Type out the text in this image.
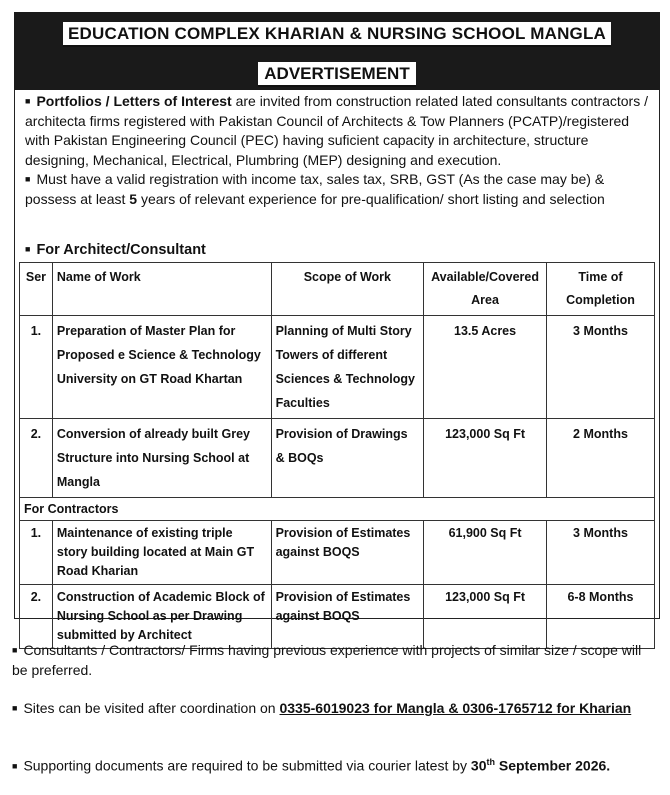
EDUCATION COMPLEX KHARIAN & NURSING SCHOOL MANGLA
ADVERTISEMENT

■ Portfolios / Letters of Interest are invited from construction related lated consultants contractors / architecta firms registered with Pakistan Council of Architects & Tow Planners (PCATP)/registered with Pakistan Engineering Council (PEC) having suficient capacity in architecture, structure designing, Mechanical, Electrical, Plumbring (MEP) designing and execution.

■ Must have a valid registration with income tax, sales tax, SRB, GST (As the case may be) & possess at least 5 years of relevant experience for pre-qualification/ short listing and selection

■ For Architect/Consultant
Ser	Name of Work	Scope of Work	Available/Covered Area	Time of Completion
1.	Preparation of Master Plan for Proposed e Science & Technology University on GT Road Khartan	Planning of Multi Story Towers of different Sciences & Technology Faculties	13.5 Acres	3 Months
2.	Conversion of already built Grey Structure into Nursing School at Mangla	Provision of Drawings & BOQs	123,000 Sq Ft	2 Months
For Contractors				
1.	Maintenance of existing triple story building located at Main GT Road Kharian	Provision of Estimates against BOQS	61,900 Sq Ft	3 Months
2.	Construction of Academic Block of Nursing School as per Drawing submitted by Architect	Provision of Estimates against BOQS	123,000 Sq Ft	6-8 Months

■ Consultants / Contractors/ Firms having previous experience with projects of similar size / scope will be preferred.

■ Sites can be visited after coordination on 0335-6019023 for Mangla & 0306-1765712 for Kharian

■ Supporting documents are required to be submitted via courier latest by 30th September 2026.
